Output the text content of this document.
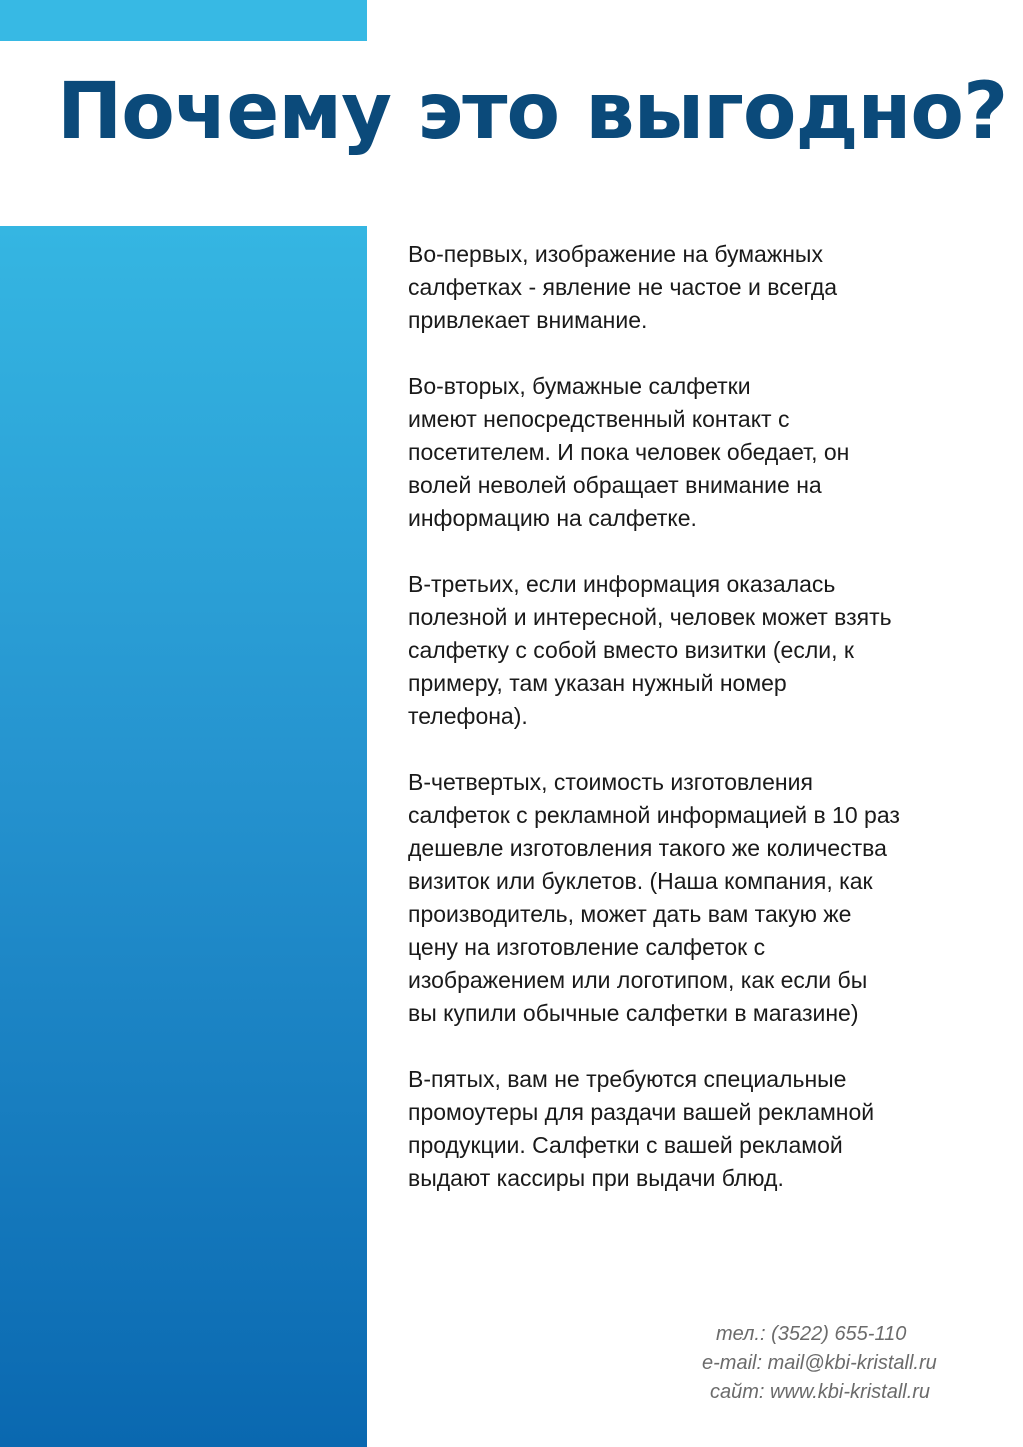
Почему это выгодно?

Во-первых, изображение на бумажных
салфетках - явление не частое и всегда
привлекает внимание.

Во-вторых, бумажные салфетки
имеют непосредственный контакт с
посетителем. И пока человек обедает, он
волей неволей обращает внимание на
информацию на салфетке.

В-третьих, если информация оказалась
полезной и интересной, человек может взять
салфетку с собой вместо визитки (если, к
примеру, там указан нужный номер
телефона).

В-четвертых, стоимость изготовления
салфеток с рекламной информацией в 10 раз
дешевле изготовления такого же количества
визиток или буклетов. (Наша компания, как
производитель, может дать вам такую же
цену на изготовление салфеток с
изображением или логотипом, как если бы
вы купили обычные салфетки в магазине)

В-пятых, вам не требуются специальные
промоутеры для раздачи вашей рекламной
продукции. Салфетки с вашей рекламой
выдают кассиры при выдачи блюд.

тел.: (3522) 655-110
e-mail: mail@kbi-kristall.ru
сайт: www.kbi-kristall.ru
